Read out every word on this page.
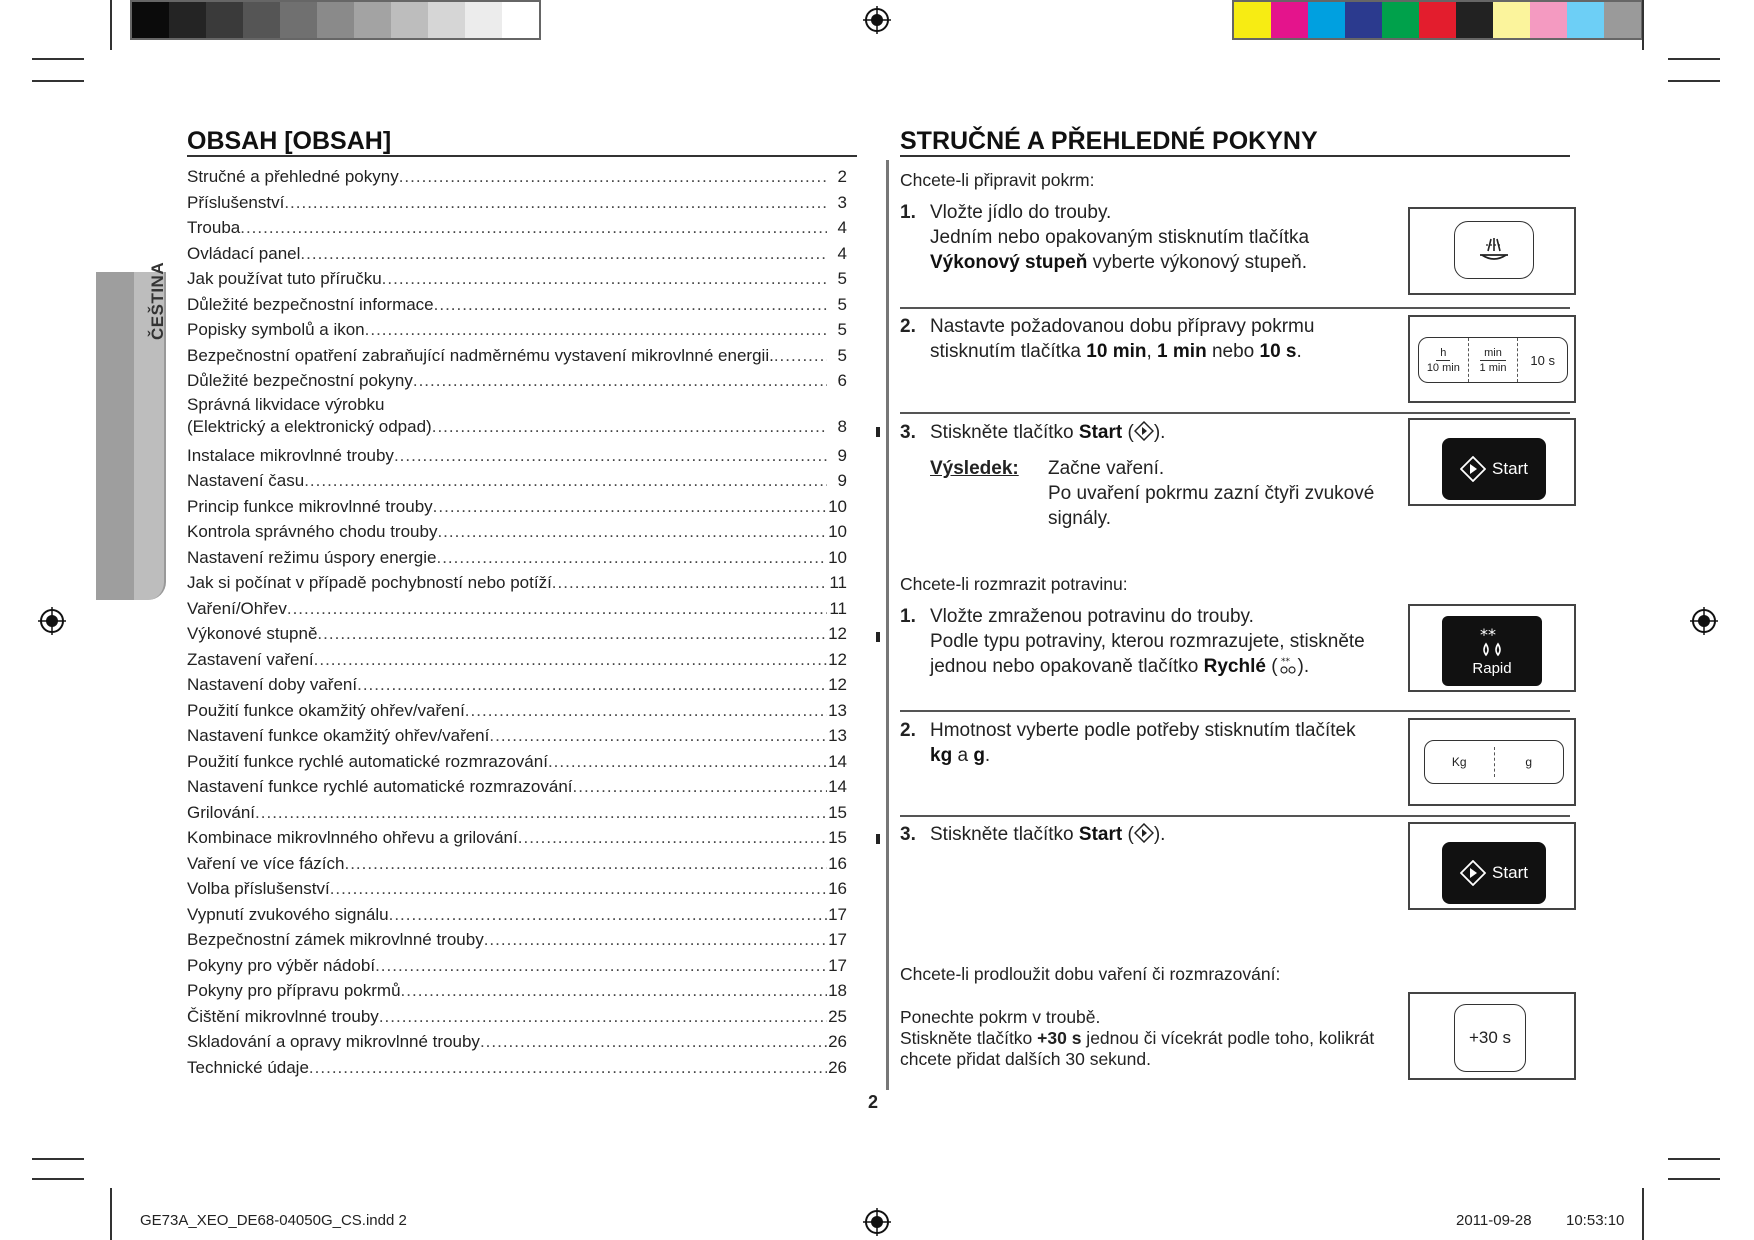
ČEŠTINA
OBSAH [OBSAH]
Stručné a přehledné pokyny .....	2
Příslušenství .....	3
Trouba .....	4
Ovládací panel .....	4
Jak používat tuto příručku .....	5
Důležité bezpečnostní informace .....	5
Popisky symbolů a ikon .....	5
Bezpečnostní opatření zabraňující nadměrnému vystavení mikrovlnné energii. .....	5
Důležité bezpečnostní pokyny .....	6
Správná likvidace výrobku
(Elektrický a elektronický odpad) .....	8
Instalace mikrovlnné trouby .....	9
Nastavení času .....	9
Princip funkce mikrovlnné trouby .....	10
Kontrola správného chodu trouby .....	10
Nastavení režimu úspory energie .....	10
Jak si počínat v případě pochybností nebo potíží .....	11
Vaření/Ohřev .....	11
Výkonové stupně .....	12
Zastavení vaření .....	12
Nastavení doby vaření .....	12
Použití funkce okamžitý ohřev/vaření .....	13
Nastavení funkce okamžitý ohřev/vaření .....	13
Použití funkce rychlé automatické rozmrazování .....	14
Nastavení funkce rychlé automatické rozmrazování .....	14
Grilování .....	15
Kombinace mikrovlnného ohřevu a grilování .....	15
Vaření ve více fázích .....	16
Volba příslušenství .....	16
Vypnutí zvukového signálu .....	17
Bezpečnostní zámek mikrovlnné trouby .....	17
Pokyny pro výběr nádobí .....	17
Pokyny pro přípravu pokrmů .....	18
Čištění mikrovlnné trouby .....	25
Skladování a opravy mikrovlnné trouby .....	26
Technické údaje .....	26
STRUČNÉ A PŘEHLEDNÉ POKYNY
Chcete-li připravit pokrm:
1. Vložte jídlo do trouby.
Jedním nebo opakovaným stisknutím tlačítka
Výkonový stupeň vyberte výkonový stupeň.
2. Nastavte požadovanou dobu přípravy pokrmu stisknutím tlačítka 10 min, 1 min nebo 10 s.	h
10 min
min
1 min 10 s
3. Stiskněte tlačítko Start ( ).
Výsledek: Začne vaření.
Po uvaření pokrmu zazní čtyři zvukové signály.
Start
Chcete-li rozmrazit potravinu:
1. Vložte zmraženou potravinu do trouby.
Podle typu potraviny, kterou rozmrazujete, stiskněte jednou nebo opakovaně tlačítko Rychlé ( ** ).
**
Rapid
2. Hmotnost vyberte podle potřeby stisknutím tlačítek
kg a g.	Kg	g
3. Stiskněte tlačítko Start ( ).
Start
Chcete-li prodloužit dobu vaření či rozmrazování:
Ponechte pokrm v troubě.
Stiskněte tlačítko +30 s jednou či vícekrát podle toho, kolikrát chcete přidat dalších 30 sekund.
+30 s
2
GE73A_XEO_DE68-04050G_CS.indd 2	2011-09-28 10:53:10
